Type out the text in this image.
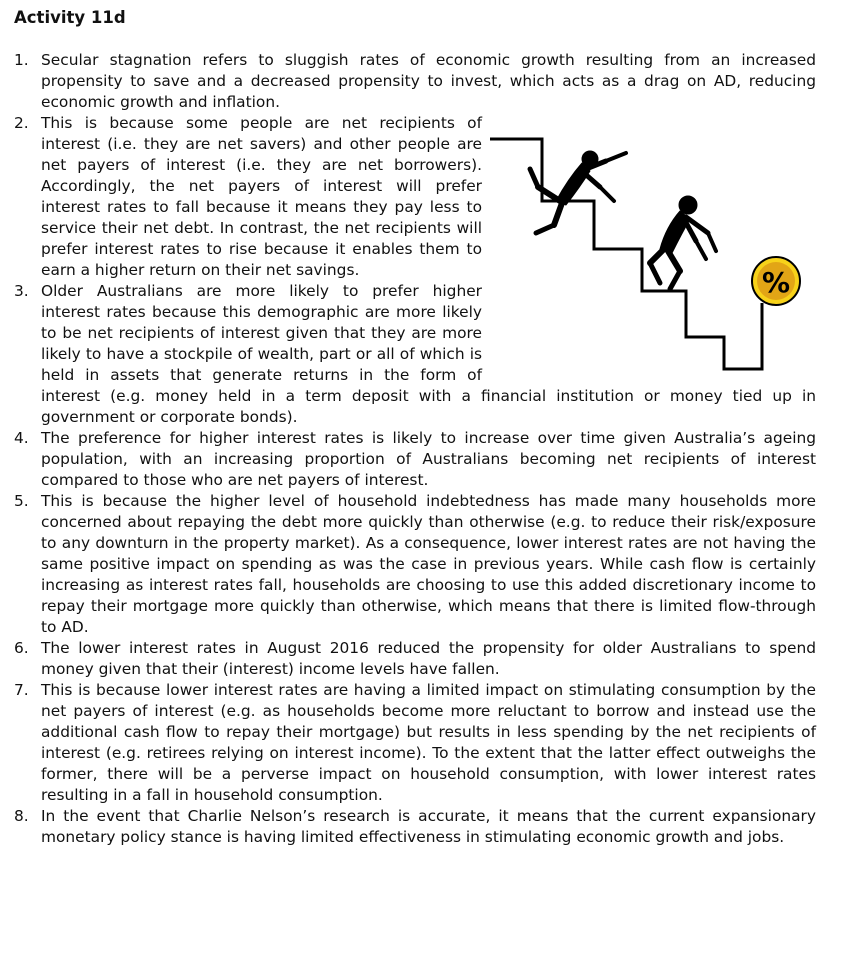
Activity 11d
1. Secular stagnation refers to sluggish rates of economic growth resulting from an increased propensity to save and a decreased propensity to invest, which acts as a drag on AD, reducing economic growth and inflation.
%
2. This is because some people are net recipients of interest (i.e. they are net savers) and other people are net payers of interest (i.e. they are net borrowers). Accordingly, the net payers of interest will prefer interest rates to fall because it means they pay less to service their net debt. In contrast, the net recipients will prefer interest rates to rise because it enables them to earn a higher return on their net savings.
3. Older Australians are more likely to prefer higher interest rates because this demographic are more likely to be net recipients of interest given that they are more likely to have a stockpile of wealth, part or all of which is held in assets that generate returns in the form of interest (e.g. money held in a term deposit with a financial institution or money tied up in government or corporate bonds).
4. The preference for higher interest rates is likely to increase over time given Australia’s ageing population, with an increasing proportion of Australians becoming net recipients of interest compared to those who are net payers of interest.
5. This is because the higher level of household indebtedness has made many households more concerned about repaying the debt more quickly than otherwise (e.g. to reduce their risk/exposure to any downturn in the property market). As a consequence, lower interest rates are not having the same positive impact on spending as was the case in previous years. While cash flow is certainly increasing as interest rates fall, households are choosing to use this added discretionary income to repay their mortgage more quickly than otherwise, which means that there is limited flow-through to AD.
6. The lower interest rates in August 2016 reduced the propensity for older Australians to spend money given that their (interest) income levels have fallen.
7. This is because lower interest rates are having a limited impact on stimulating consumption by the net payers of interest (e.g. as households become more reluctant to borrow and instead use the additional cash flow to repay their mortgage) but results in less spending by the net recipients of interest (e.g. retirees relying on interest income). To the extent that the latter effect outweighs the former, there will be a perverse impact on household consumption, with lower interest rates resulting in a fall in household consumption.
8. In the event that Charlie Nelson’s research is accurate, it means that the current expansionary monetary policy stance is having limited effectiveness in stimulating economic growth and jobs.
